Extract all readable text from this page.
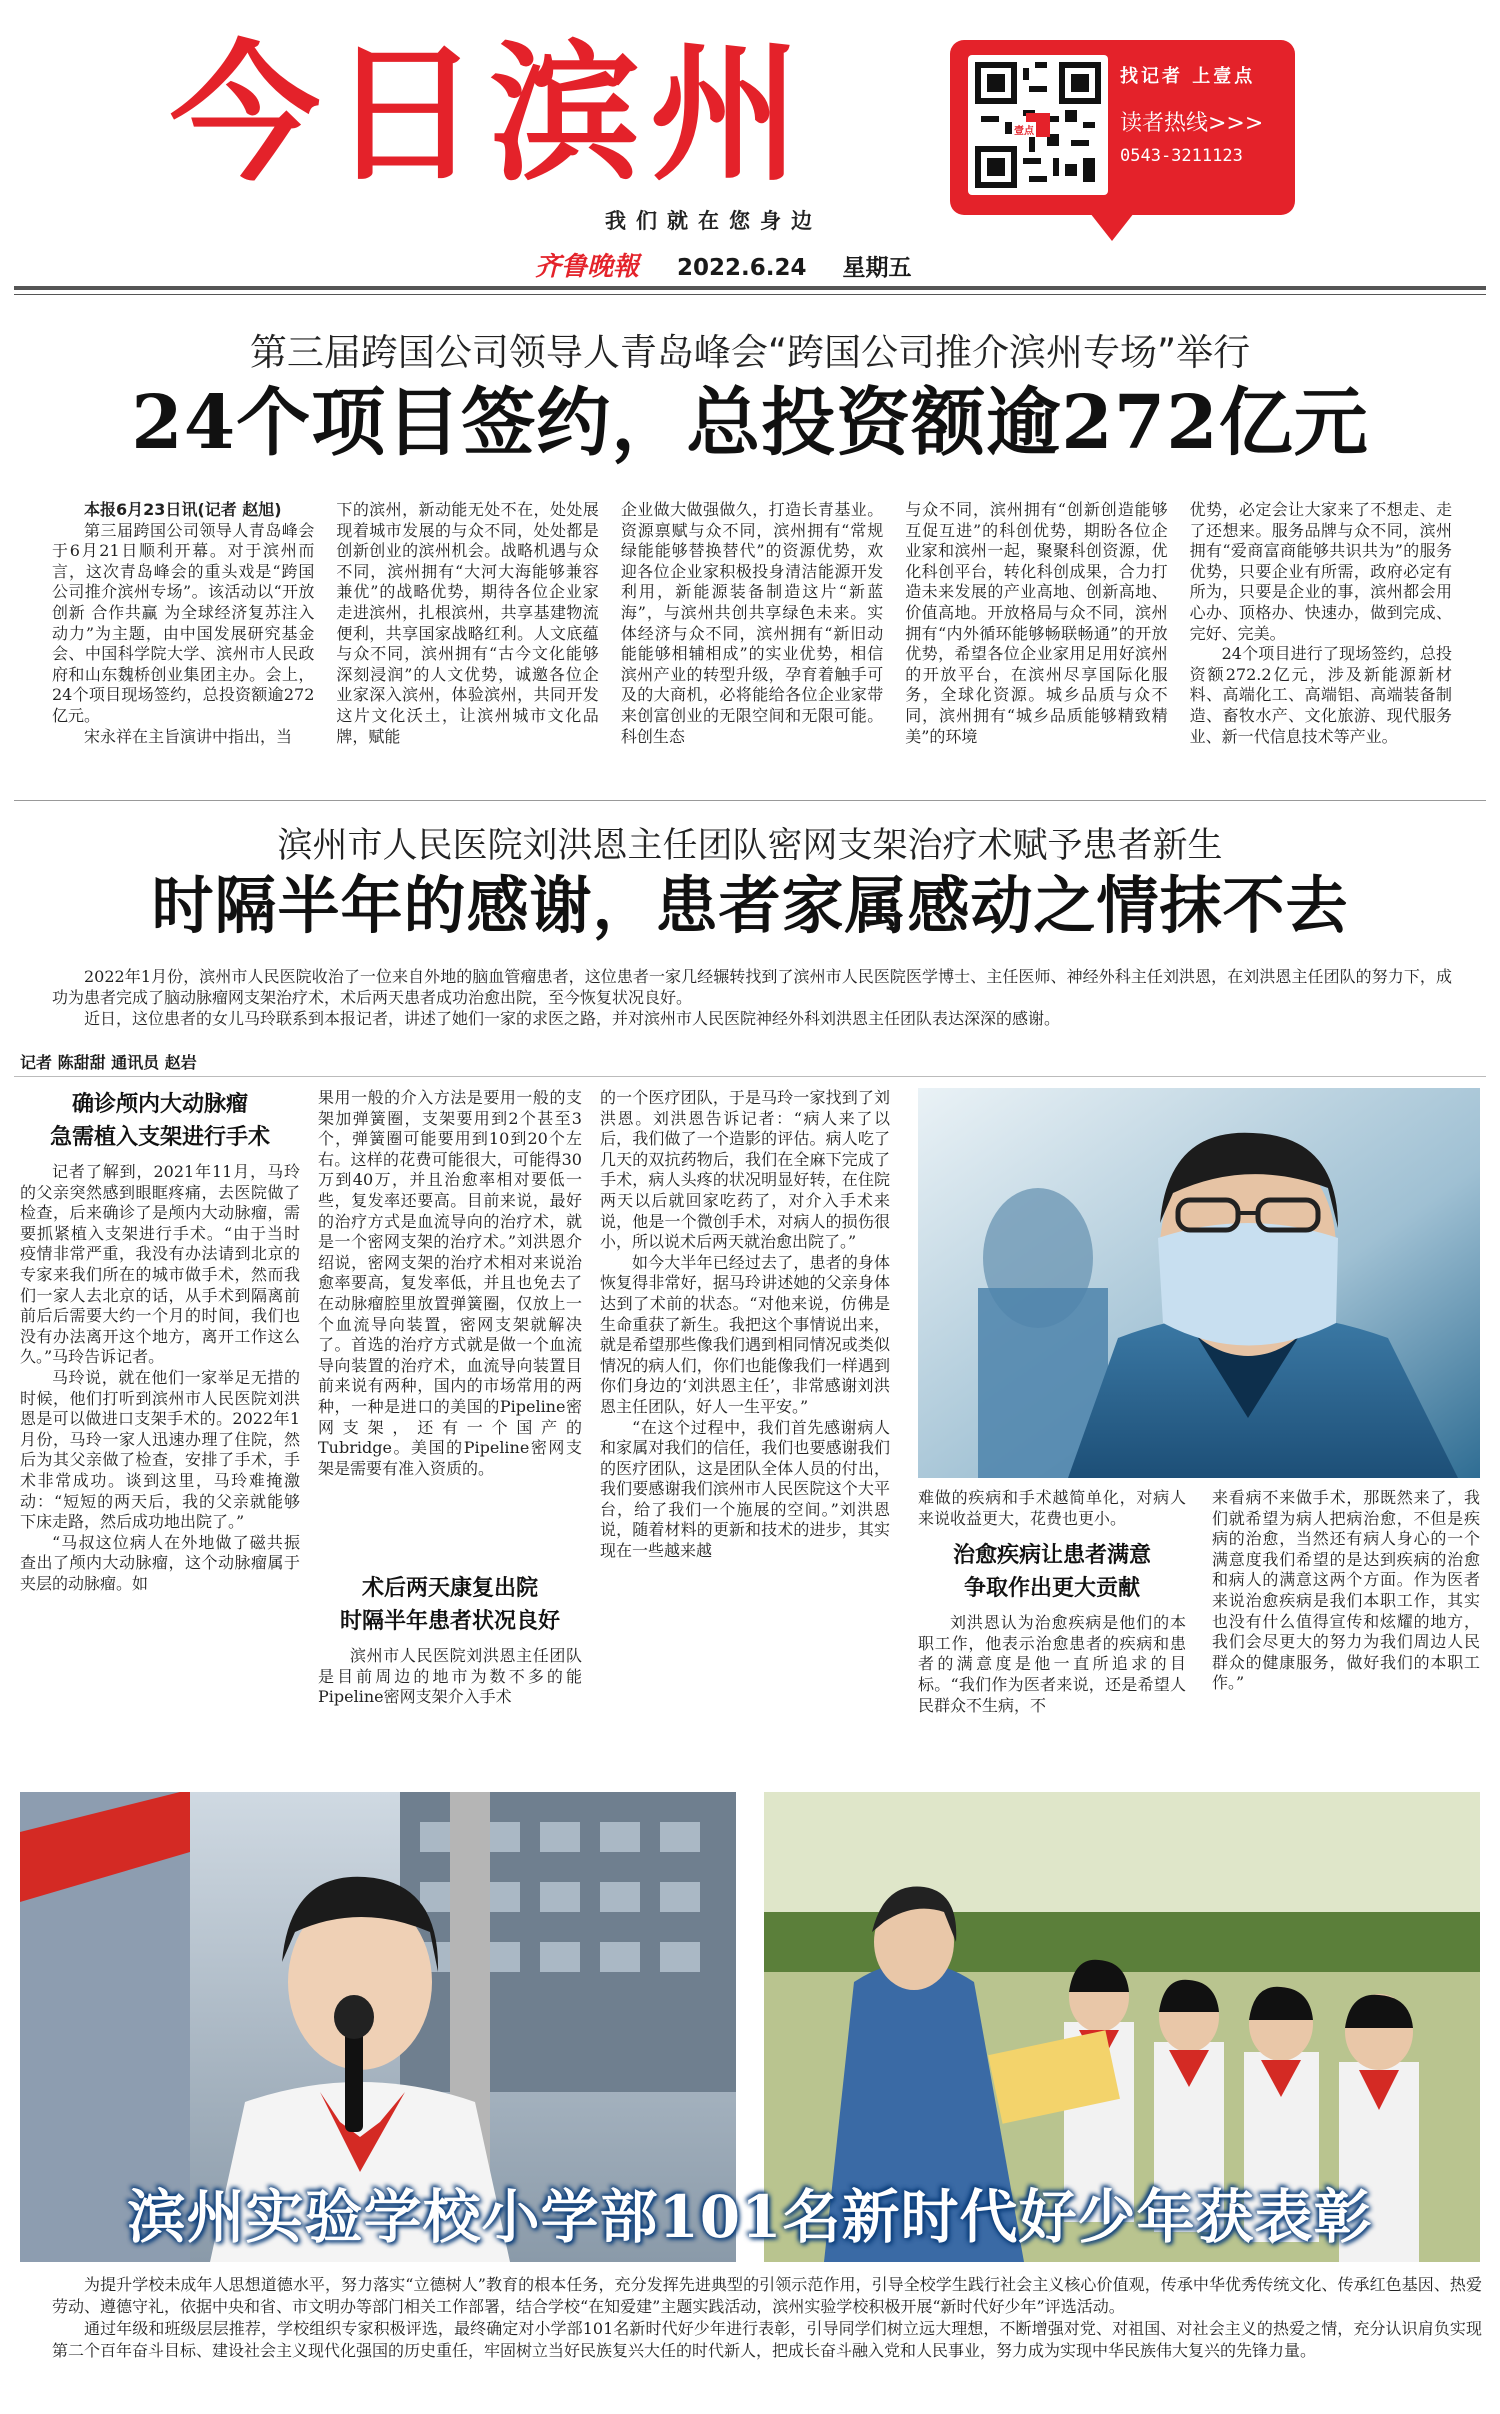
今日滨州
我们就在您身边
找记者 上壹点
读者热线>>>
0543-3211123
壹点
齐鲁晚報 2022.6.24 星期五
第三届跨国公司领导人青岛峰会“跨国公司推介滨州专场”举行
24个项目签约，总投资额逾272亿元

本报6月23日讯(记者 赵旭)

第三届跨国公司领导人青岛峰会于6月21日顺利开幕。对于滨州而言，这次青岛峰会的重头戏是“跨国公司推介滨州专场”。该活动以“开放创新 合作共赢 为全球经济复苏注入动力”为主题，由中国发展研究基金会、中国科学院大学、滨州市人民政府和山东魏桥创业集团主办。会上，24个项目现场签约，总投资额逾272亿元。

宋永祥在主旨演讲中指出，当

下的滨州，新动能无处不在，处处展现着城市发展的与众不同，处处都是创新创业的滨州机会。战略机遇与众不同，滨州拥有“大河大海能够兼容兼优”的战略优势，期待各位企业家走进滨州，扎根滨州，共享基建物流便利，共享国家战略红利。人文底蕴与众不同，滨州拥有“古今文化能够深刻浸润”的人文优势，诚邀各位企业家深入滨州，体验滨州，共同开发这片文化沃土，让滨州城市文化品牌，赋能

企业做大做强做久，打造长青基业。资源禀赋与众不同，滨州拥有“常规绿能能够替换替代”的资源优势，欢迎各位企业家积极投身清洁能源开发利用，新能源装备制造这片“新蓝海”，与滨州共创共享绿色未来。实体经济与众不同，滨州拥有“新旧动能能够相辅相成”的实业优势，相信滨州产业的转型升级，孕育着触手可及的大商机，必将能给各位企业家带来创富创业的无限空间和无限可能。科创生态

与众不同，滨州拥有“创新创造能够互促互进”的科创优势，期盼各位企业家和滨州一起，聚聚科创资源，优化科创平台，转化科创成果，合力打造未来发展的产业高地、创新高地、价值高地。开放格局与众不同，滨州拥有“内外循环能够畅联畅通”的开放优势，希望各位企业家用足用好滨州的开放平台，在滨州尽享国际化服务，全球化资源。城乡品质与众不同，滨州拥有“城乡品质能够精致精美”的环境

优势，必定会让大家来了不想走、走了还想来。服务品牌与众不同，滨州拥有“爱商富商能够共识共为”的服务优势，只要企业有所需，政府必定有所为，只要是企业的事，滨州都会用心办、顶格办、快速办，做到完成、完好、完美。

24个项目进行了现场签约，总投资额272.2亿元，涉及新能源新材料、高端化工、高端铝、高端装备制造、畜牧水产、文化旅游、现代服务业、新一代信息技术等产业。

滨州市人民医院刘洪恩主任团队密网支架治疗术赋予患者新生
时隔半年的感谢，患者家属感动之情抹不去

2022年1月份，滨州市人民医院收治了一位来自外地的脑血管瘤患者，这位患者一家几经辗转找到了滨州市人民医院医学博士、主任医师、神经外科主任刘洪恩，在刘洪恩主任团队的努力下，成功为患者完成了脑动脉瘤网支架治疗术，术后两天患者成功治愈出院，至今恢复状况良好。

近日，这位患者的女儿马玲联系到本报记者，讲述了她们一家的求医之路，并对滨州市人民医院神经外科刘洪恩主任团队表达深深的感谢。

记者 陈甜甜 通讯员 赵岩
确诊颅内大动脉瘤
急需植入支架进行手术

记者了解到，2021年11月，马玲的父亲突然感到眼眶疼痛，去医院做了检查，后来确诊了是颅内大动脉瘤，需要抓紧植入支架进行手术。“由于当时疫情非常严重，我没有办法请到北京的专家来我们所在的城市做手术，然而我们一家人去北京的话，从手术到隔离前前后后需要大约一个月的时间，我们也没有办法离开这个地方，离开工作这么久。”马玲告诉记者。

马玲说，就在他们一家举足无措的时候，他们打听到滨州市人民医院刘洪恩是可以做进口支架手术的。2022年1月份，马玲一家人迅速办理了住院，然后为其父亲做了检查，安排了手术，手术非常成功。谈到这里，马玲难掩激动：“短短的两天后，我的父亲就能够下床走路，然后成功地出院了。”

“马叔这位病人在外地做了磁共振查出了颅内大动脉瘤，这个动脉瘤属于夹层的动脉瘤。如

果用一般的介入方法是要用一般的支架加弹簧圈，支架要用到2个甚至3个，弹簧圈可能要用到10到20个左右。这样的花费可能很大，可能得30万到40万，并且治愈率相对要低一些，复发率还要高。目前来说，最好的治疗方式是血流导向的治疗术，就是一个密网支架的治疗术。”刘洪恩介绍说，密网支架的治疗术相对来说治愈率要高，复发率低，并且也免去了在动脉瘤腔里放置弹簧圈，仅放上一个血流导向装置，密网支架就解决了。首选的治疗方式就是做一个血流导向装置的治疗术，血流导向装置目前来说有两种，国内的市场常用的两种，一种是进口的美国的Pipeline密网支架，还有一个国产的Tubridge。美国的Pipeline密网支架是需要有准入资质的。

术后两天康复出院
时隔半年患者状况良好

滨州市人民医院刘洪恩主任团队是目前周边的地市为数不多的能Pipeline密网支架介入手术

的一个医疗团队，于是马玲一家找到了刘洪恩。刘洪恩告诉记者：“病人来了以后，我们做了一个造影的评估。病人吃了几天的双抗药物后，我们在全麻下完成了手术，病人头疼的状况明显好转，在住院两天以后就回家吃药了，对介入手术来说，他是一个微创手术，对病人的损伤很小，所以说术后两天就治愈出院了。”

如今大半年已经过去了，患者的身体恢复得非常好，据马玲讲述她的父亲身体达到了术前的状态。“对他来说，仿佛是生命重获了新生。我把这个事情说出来，就是希望那些像我们遇到相同情况或类似情况的病人们，你们也能像我们一样遇到你们身边的‘刘洪恩主任’，非常感谢刘洪恩主任团队，好人一生平安。”

“在这个过程中，我们首先感谢病人和家属对我们的信任，我们也要感谢我们的医疗团队，这是团队全体人员的付出，我们要感谢我们滨州市人民医院这个大平台，给了我们一个施展的空间。”刘洪恩说，随着材料的更新和技术的进步，其实现在一些越来越

难做的疾病和手术越简单化，对病人来说收益更大，花费也更小。

治愈疾病让患者满意
争取作出更大贡献

刘洪恩认为治愈疾病是他们的本职工作，他表示治愈患者的疾病和患者的满意度是他一直所追求的目标。“我们作为医者来说，还是希望人民群众不生病，不

来看病不来做手术，那既然来了，我们就希望为病人把病治愈，不但是疾病的治愈，当然还有病人身心的一个满意度我们希望的是达到疾病的治愈和病人的满意这两个方面。作为医者来说治愈疾病是我们本职工作，其实也没有什么值得宣传和炫耀的地方，我们会尽更大的努力为我们周边人民群众的健康服务，做好我们的本职工作。”

滨州实验学校小学部101名新时代好少年获表彰

为提升学校未成年人思想道德水平，努力落实“立德树人”教育的根本任务，充分发挥先进典型的引领示范作用，引导全校学生践行社会主义核心价值观，传承中华优秀传统文化、传承红色基因、热爱劳动、遵德守礼，依据中央和省、市文明办等部门相关工作部署，结合学校“在知爱建”主题实践活动，滨州实验学校积极开展“新时代好少年”评选活动。

通过年级和班级层层推荐，学校组织专家积极评选，最终确定对小学部101名新时代好少年进行表彰，引导同学们树立远大理想，不断增强对党、对祖国、对社会主义的热爱之情，充分认识肩负实现第二个百年奋斗目标、建设社会主义现代化强国的历史重任，牢固树立当好民族复兴大任的时代新人，把成长奋斗融入党和人民事业，努力成为实现中华民族伟大复兴的先锋力量。
